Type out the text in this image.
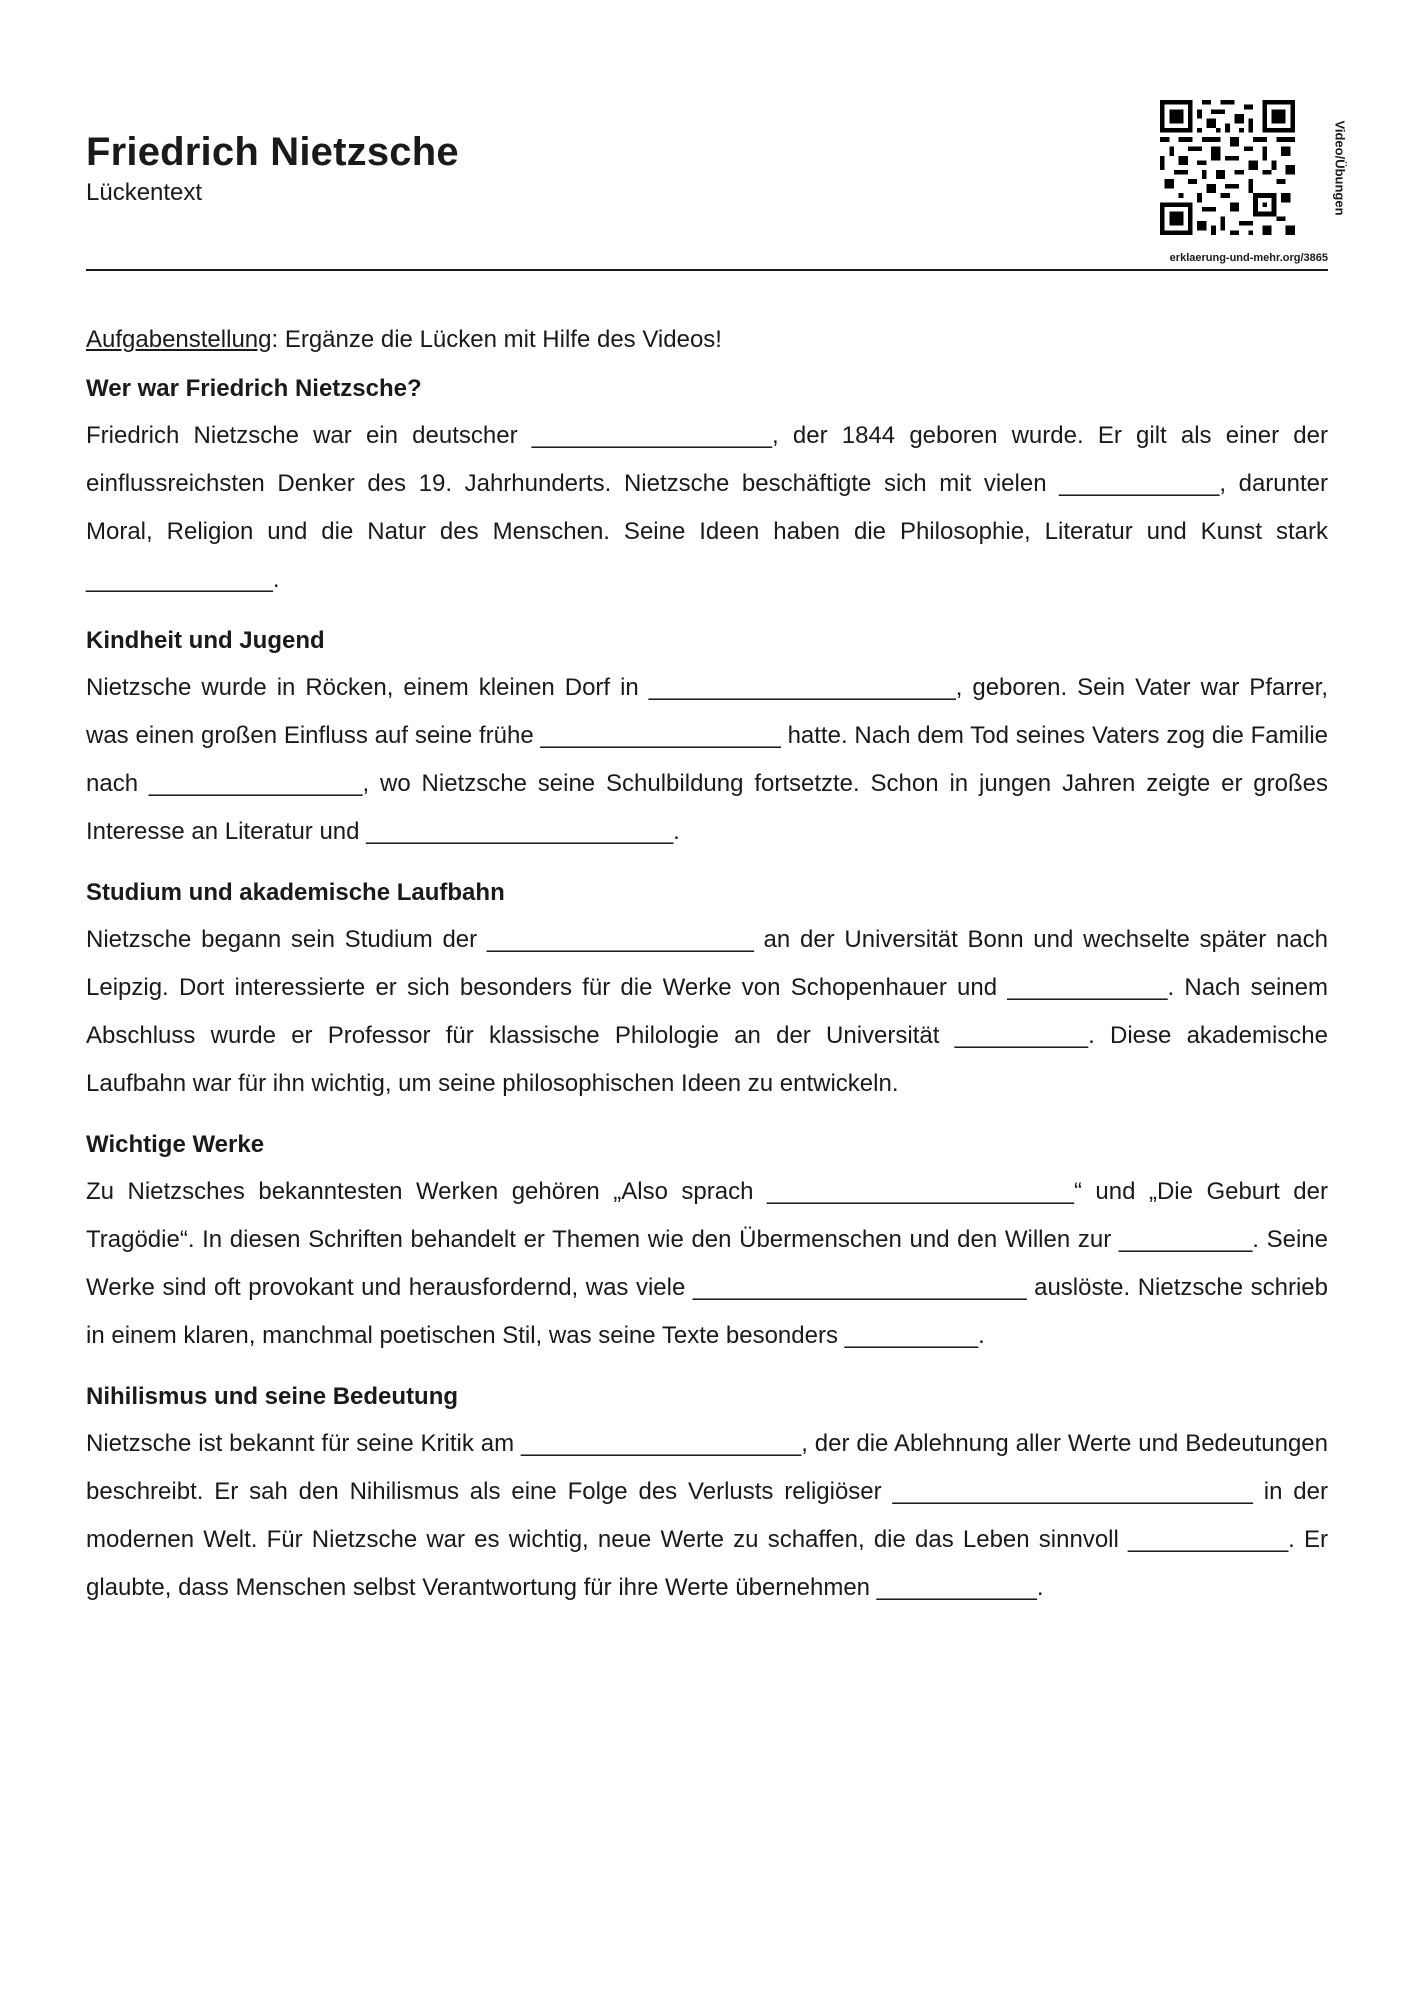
Friedrich Nietzsche
Lückentext	Video/Übungen
erklaerung-und-mehr.org/3865
Aufgabenstellung: Ergänze die Lücken mit Hilfe des Videos!
Wer war Friedrich Nietzsche?

Friedrich Nietzsche war ein deutscher __________________, der 1844 geboren wurde. Er gilt als einer der einflussreichsten Denker des 19. Jahrhunderts. Nietzsche beschäftigte sich mit vielen ____________, darunter Moral, Religion und die Natur des Menschen. Seine Ideen haben die Philosophie, Literatur und Kunst stark ______________.

Kindheit und Jugend

Nietzsche wurde in Röcken, einem kleinen Dorf in _______________________, geboren. Sein Vater war Pfarrer, was einen großen Einfluss auf seine frühe __________________ hatte. Nach dem Tod seines Vaters zog die Familie nach ________________, wo Nietzsche seine Schulbildung fortsetzte. Schon in jungen Jahren zeigte er großes Interesse an Literatur und _______________________.

Studium und akademische Laufbahn

Nietzsche begann sein Studium der ____________________ an der Universität Bonn und wechselte später nach Leipzig. Dort interessierte er sich besonders für die Werke von Schopenhauer und ____________. Nach seinem Abschluss wurde er Professor für klassische Philologie an der Universität __________. Diese akademische Laufbahn war für ihn wichtig, um seine philosophischen Ideen zu entwickeln.

Wichtige Werke

Zu Nietzsches bekanntesten Werken gehören „Also sprach _______________________“ und „Die Geburt der Tragödie“. In diesen Schriften behandelt er Themen wie den Übermenschen und den Willen zur __________. Seine Werke sind oft provokant und herausfordernd, was viele _________________________ auslöste. Nietzsche schrieb in einem klaren, manchmal poetischen Stil, was seine Texte besonders __________.

Nihilismus und seine Bedeutung

Nietzsche ist bekannt für seine Kritik am _____________________, der die Ablehnung aller Werte und Bedeutungen beschreibt. Er sah den Nihilismus als eine Folge des Verlusts religiöser ___________________________ in der modernen Welt. Für Nietzsche war es wichtig, neue Werte zu schaffen, die das Leben sinnvoll ____________. Er glaubte, dass Menschen selbst Verantwortung für ihre Werte übernehmen ____________.
